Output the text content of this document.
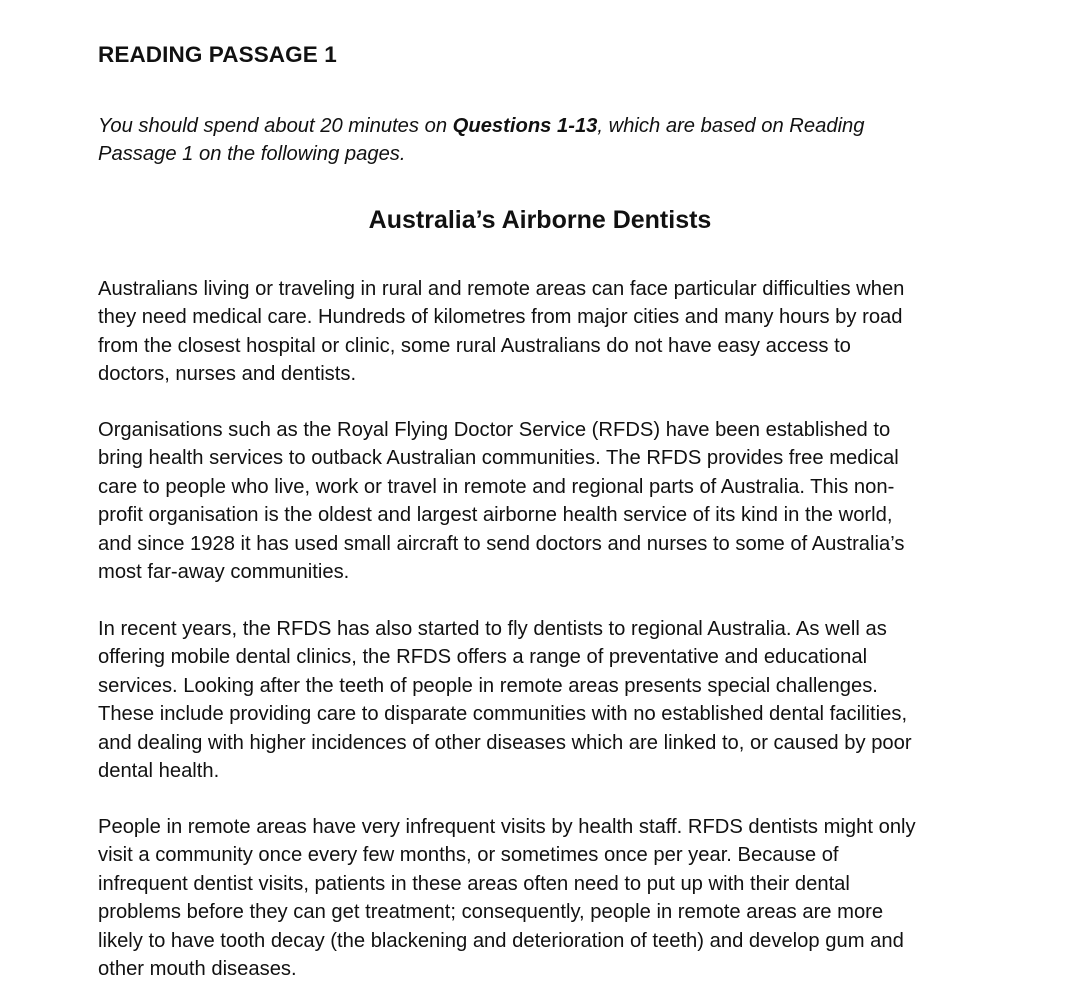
READING PASSAGE 1

You should spend about 20 minutes on Questions 1-13, which are based on Reading
Passage 1 on the following pages.

Australia’s Airborne Dentists

Australians living or traveling in rural and remote areas can face particular difficulties when
they need medical care. Hundreds of kilometres from major cities and many hours by road
from the closest hospital or clinic, some rural Australians do not have easy access to
doctors, nurses and dentists.

Organisations such as the Royal Flying Doctor Service (RFDS) have been established to
bring health services to outback Australian communities. The RFDS provides free medical
care to people who live, work or travel in remote and regional parts of Australia. This non-
profit organisation is the oldest and largest airborne health service of its kind in the world,
and since 1928 it has used small aircraft to send doctors and nurses to some of Australia’s
most far-away communities.

In recent years, the RFDS has also started to fly dentists to regional Australia. As well as
offering mobile dental clinics, the RFDS offers a range of preventative and educational
services. Looking after the teeth of people in remote areas presents special challenges.
These include providing care to disparate communities with no established dental facilities,
and dealing with higher incidences of other diseases which are linked to, or caused by poor
dental health.

People in remote areas have very infrequent visits by health staff. RFDS dentists might only
visit a community once every few months, or sometimes once per year. Because of
infrequent dentist visits, patients in these areas often need to put up with their dental
problems before they can get treatment; consequently, people in remote areas are more
likely to have tooth decay (the blackening and deterioration of teeth) and develop gum and
other mouth diseases.
